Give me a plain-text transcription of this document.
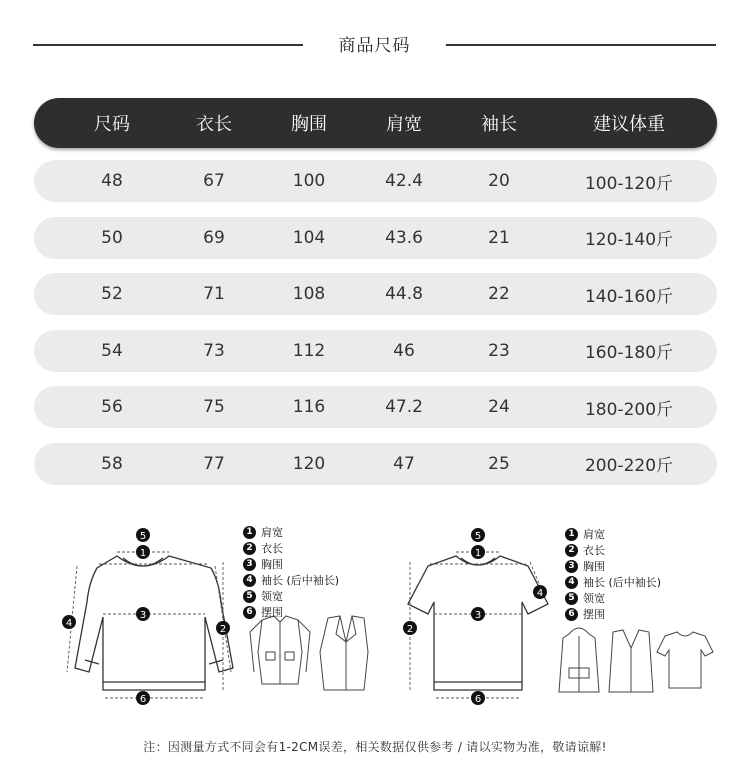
商品尺码
尺码	衣长	胸围	肩宽	袖长	建议体重
48	67	100	42.4	20	100-120斤
50	69	104	43.6	21	120-140斤
52	71	108	44.8	22	140-160斤
54	73	112	46	23	160-180斤
56	75	116	47.2	24	180-200斤
58	77	120	47	25	200-220斤
5
1
3
4
2
6
1 肩宽
2 衣长
3 胸围
4 袖长 (后中袖长)
5 领宽
6 摆围
5
1
3
2
4
6
1 肩宽
2 衣长
3 胸围
4 袖长 (后中袖长)
5 领宽
6 摆围
注：因测量方式不同会有1-2CM误差，相关数据仅供参考 / 请以实物为准，敬请谅解!
